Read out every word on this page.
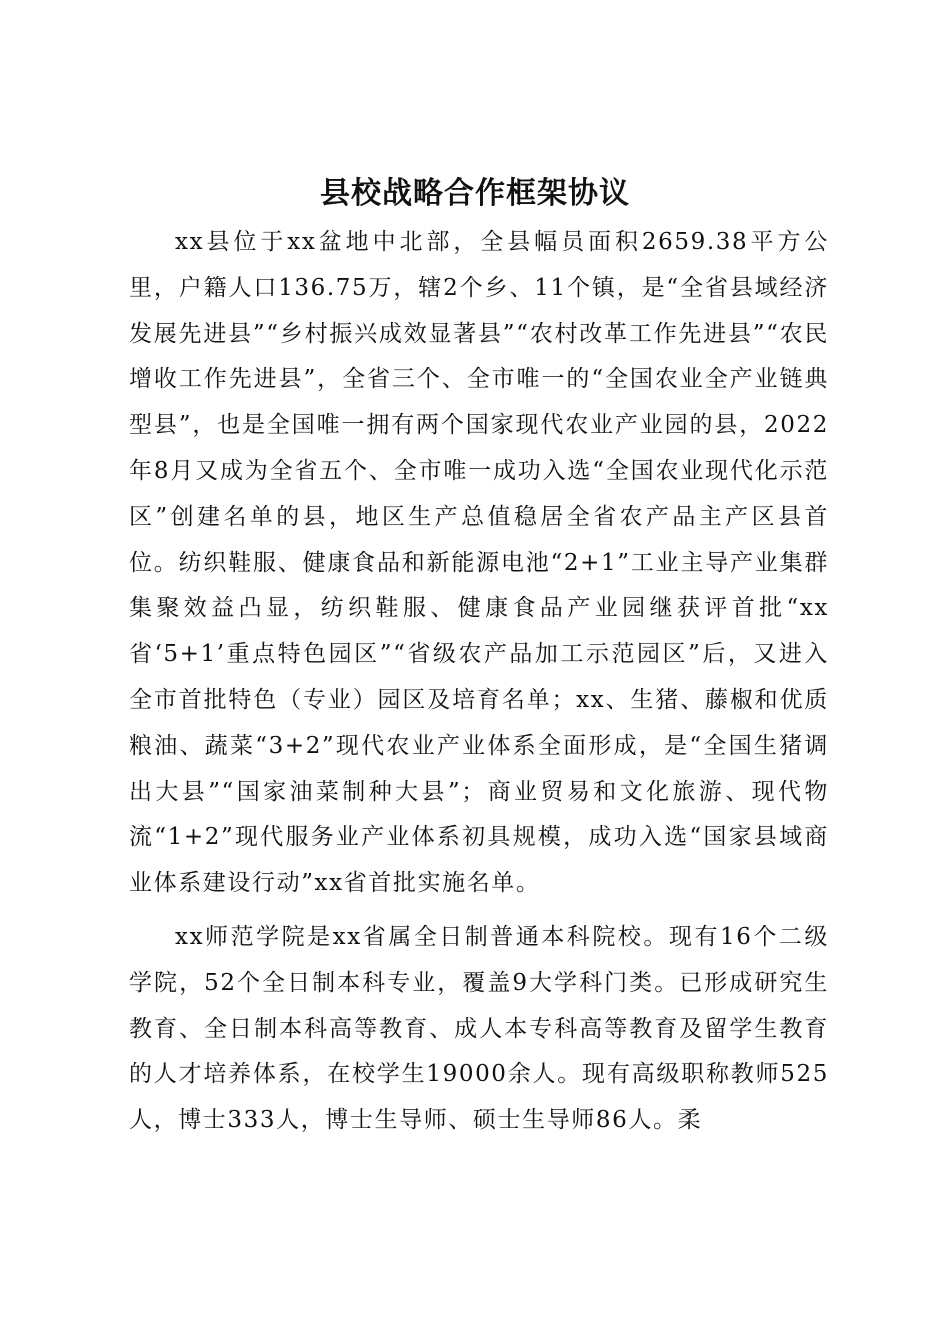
县校战略合作框架协议

xx县位于xx盆地中北部，全县幅员面积2659.38平方公里，户籍人口136.75万，辖2个乡、11个镇，是“全省县域经济发展先进县”“乡村振兴成效显著县”“农村改革工作先进县”“农民增收工作先进县”，全省三个、全市唯一的“全国农业全产业链典型县”，也是全国唯一拥有两个国家现代农业产业园的县，2022年8月又成为全省五个、全市唯一成功入选“全国农业现代化示范区”创建名单的县，地区生产总值稳居全省农产品主产区县首位。纺织鞋服、健康食品和新能源电池“2+1”工业主导产业集群集聚效益凸显，纺织鞋服、健康食品产业园继获评首批“xx省‘5+1’重点特色园区”“省级农产品加工示范园区”后，又进入全市首批特色（专业）园区及培育名单；xx、生猪、藤椒和优质粮油、蔬菜“3+2”现代农业产业体系全面形成，是“全国生猪调出大县”“国家油菜制种大县”；商业贸易和文化旅游、现代物流“1+2”现代服务业产业体系初具规模，成功入选“国家县域商业体系建设行动”xx省首批实施名单。

xx师范学院是xx省属全日制普通本科院校。现有16个二级学院，52个全日制本科专业，覆盖9大学科门类。已形成研究生教育、全日制本科高等教育、成人本专科高等教育及留学生教育的人才培养体系，在校学生19000余人。现有高级职称教师525人，博士333人，博士生导师、硕士生导师86人。柔
